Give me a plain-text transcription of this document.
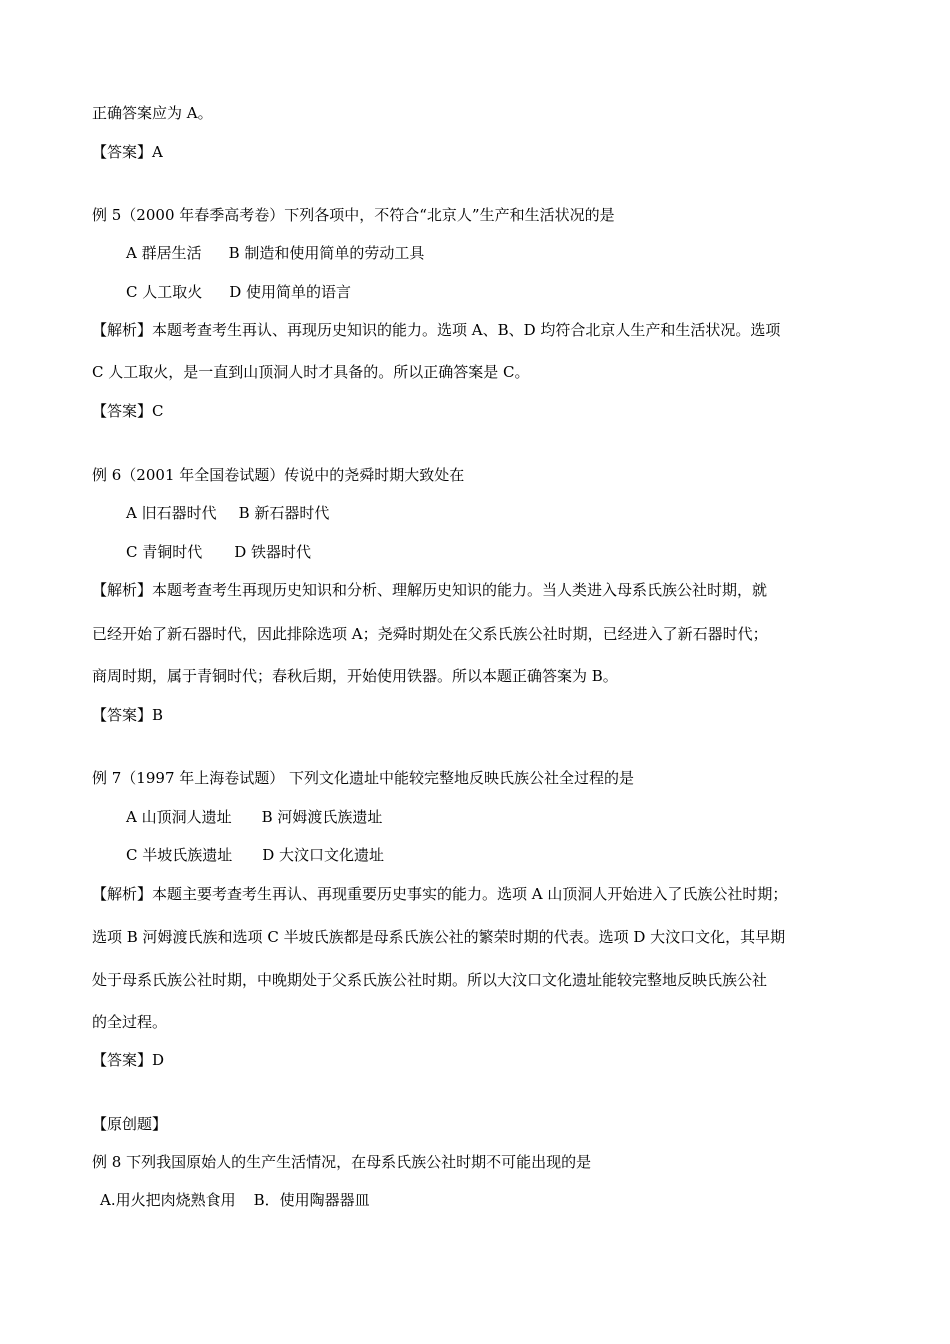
正确答案应为 A。
【答案】A
例 5（2000 年春季高考卷）下列各项中，不符合“北京人”生产和生活状况的是
A 群居生活 B 制造和使用简单的劳动工具
C 人工取火 D 使用简单的语言
【解析】本题考查考生再认、再现历史知识的能力。选项 A、B、D 均符合北京人生产和生活状况。选项
C 人工取火，是一直到山顶洞人时才具备的。所以正确答案是 C。
【答案】C
例 6（2001 年全国卷试题）传说中的尧舜时期大致处在
A 旧石器时代 B 新石器时代
C 青铜时代 D 铁器时代
【解析】本题考查考生再现历史知识和分析、理解历史知识的能力。当人类进入母系氏族公社时期，就
已经开始了新石器时代，因此排除选项 A；尧舜时期处在父系氏族公社时期，已经进入了新石器时代；
商周时期，属于青铜时代；春秋后期，开始使用铁器。所以本题正确答案为 B。
【答案】B
例 7（1997 年上海卷试题） 下列文化遗址中能较完整地反映氏族公社全过程的是
A 山顶洞人遗址 B 河姆渡氏族遗址
C 半坡氏族遗址 D 大汶口文化遗址
【解析】本题主要考查考生再认、再现重要历史事实的能力。选项 A 山顶洞人开始进入了氏族公社时期；
选项 B 河姆渡氏族和选项 C 半坡氏族都是母系氏族公社的繁荣时期的代表。选项 D 大汶口文化，其早期
处于母系氏族公社时期，中晚期处于父系氏族公社时期。所以大汶口文化遗址能较完整地反映氏族公社
的全过程。
【答案】D
【原创题】
例 8 下列我国原始人的生产生活情况，在母系氏族公社时期不可能出现的是
A.用火把肉烧熟食用 B．使用陶器器皿
